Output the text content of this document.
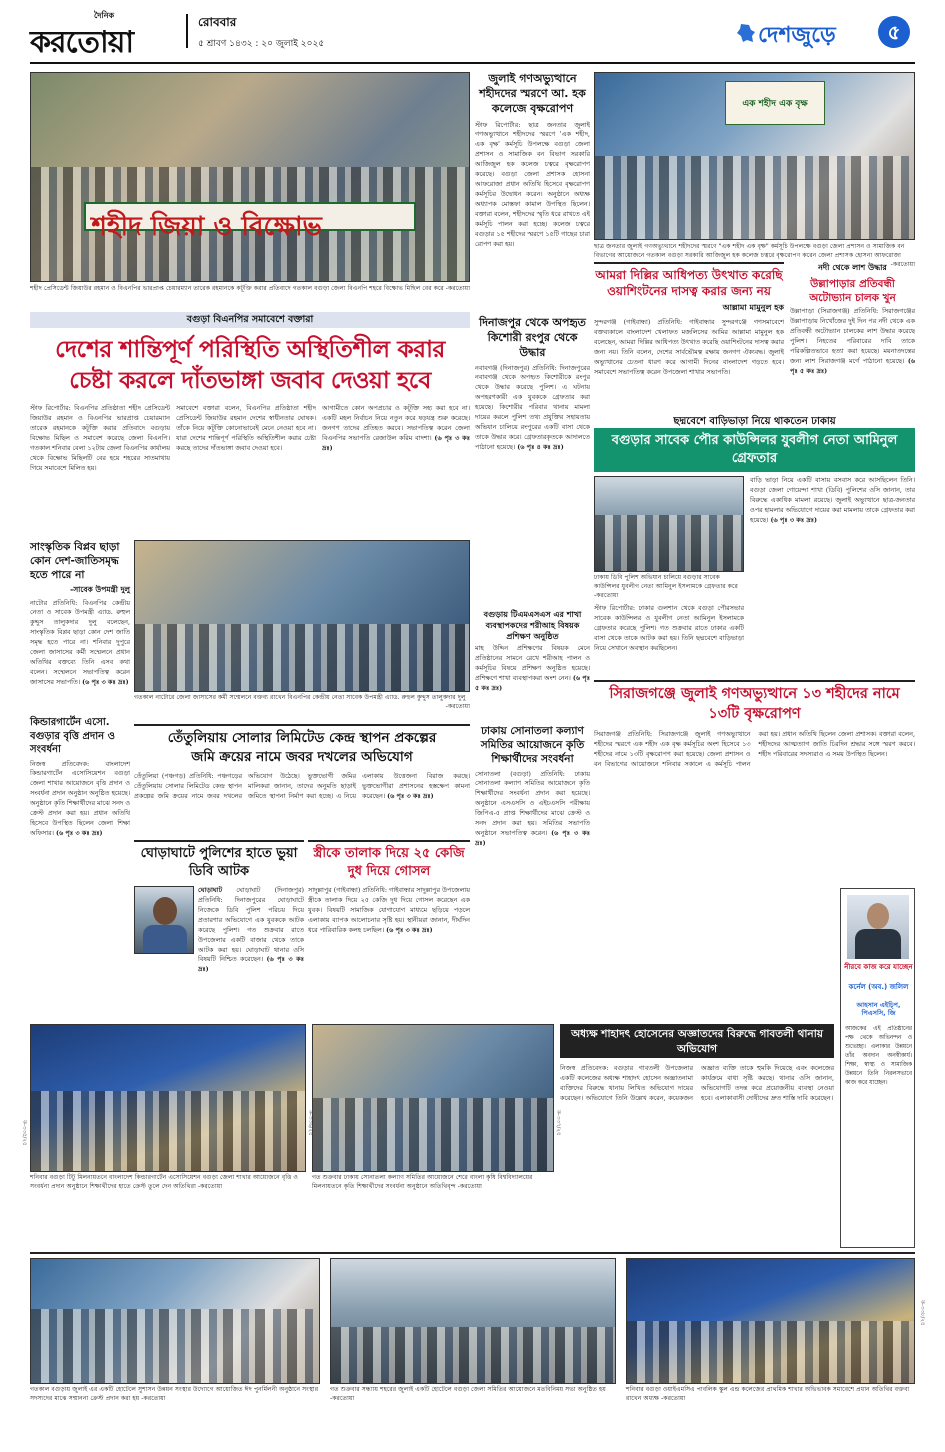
দৈনিক
করতোয়া
রোববার
৫ শ্রাবণ ১৪৩২ : ২০ জুলাই ২০২৫	দেশজুড়ে	৫
শহীদ জিয়া ও বিক্ষোভ
শহীদ প্রেসিডেন্ট জিয়াউর রহমান ও বিএনপির ভারপ্রাপ্ত চেয়ারম্যান তারেক রহমানকে কটূক্তি করার প্রতিবাদে গতকাল বগুড়া জেলা বিএনপি শহরে বিক্ষোভ মিছিল বের করে -করতোয়া
জুলাই গণঅভ্যুত্থানে শহীদদের স্মরণে আ. হক কলেজে বৃক্ষরোপণ
স্টাফ রিপোর্টার: ছাত্র জনতার জুলাই গণঅভ্যুত্থানে শহীদদের স্মরণে 'এক শহীদ, এক বৃক্ষ' কর্মসূচি উপলক্ষে বগুড়া জেলা প্রশাসন ও সামাজিক বন বিভাগ সরকারি আজিজুল হক কলেজ চত্বরে বৃক্ষরোপণ করেছে। বগুড়া জেলা প্রশাসক হোসনা আফরোজা প্রধান অতিথি হিসেবে বৃক্ষরোপণ কর্মসূচির উদ্বোধন করেন। অনুষ্ঠানে অধ্যক্ষ অধ্যাপক মোস্তফা কামাল উপস্থিত ছিলেন। বক্তারা বলেন, শহীদদের স্মৃতি ধরে রাখতে এই কর্মসূচি পালন করা হচ্ছে। কলেজ চত্বরে বগুড়ার ১৫ শহীদের স্মরণে ১৫টি গাছের চারা রোপণ করা হয়।
এক শহীদ এক বৃক্ষ
ছাত্র জনতার জুলাই গণঅভ্যুত্থানে শহীদদের স্মরণে "এক শহীদ এক বৃক্ষ" কর্মসূচি উপলক্ষে বগুড়া জেলা প্রশাসন ও সামাজিক বন বিভাগের আয়োজনে গতকাল বগুড়া সরকারি আজিজুল হক কলেজ চত্বরে বৃক্ষরোপণ করেন জেলা প্রশাসক হোসনা আফরোজা
-করতোয়া
বগুড়া বিএনপির সমাবেশে বক্তারা
দেশের শান্তিপূর্ণ পরিস্থিতি অস্থিতিশীল করার
চেষ্টা করলে দাঁতভাঙ্গা জবাব দেওয়া হবে
স্টাফ রিপোর্টার: বিএনপির প্রতিষ্ঠাতা শহীদ প্রেসিডেন্ট জিয়াউর রহমান ও বিএনপির ভারপ্রাপ্ত চেয়ারম্যান তারেক রহমানকে কটূক্তি করার প্রতিবাদে বগুড়ায় বিক্ষোভ মিছিল ও সমাবেশ করেছে জেলা বিএনপি। গতকাল শনিবার বেলা ১২টায় জেলা বিএনপির কার্যালয় থেকে বিক্ষোভ মিছিলটি বের হয়ে শহরের সাতমাথায় গিয়ে সমাবেশে মিলিত হয়।
সমাবেশে বক্তারা বলেন, বিএনপির প্রতিষ্ঠাতা শহীদ প্রেসিডেন্ট জিয়াউর রহমান দেশের স্বাধীনতার ঘোষক। তাঁকে নিয়ে কটূক্তি কোনোভাবেই মেনে নেওয়া হবে না। যারা দেশের শান্তিপূর্ণ পরিস্থিতি অস্থিতিশীল করার চেষ্টা করছে তাদের দাঁতভাঙ্গা জবাব দেওয়া হবে।
আগামীতে কোন অপপ্রচার ও কটূক্তি সহ্য করা হবে না। একটি মহল নির্বাচন নিয়ে নতুন করে ষড়যন্ত্র শুরু করেছে। জনগণ তাদের প্রতিহত করবে। সভাপতিত্ব করেন জেলা বিএনপির সভাপতি রেজাউল করিম বাদশা। (৬ পৃঃ ৩ কঃ দ্রঃ)
দিনাজপুর থেকে অপহৃত কিশোরী রংপুর থেকে উদ্ধার
নবাবগঞ্জ (দিনাজপুর) প্রতিনিধি: দিনাজপুরের নবাবগঞ্জ থেকে অপহৃত কিশোরীকে রংপুর থেকে উদ্ধার করেছে পুলিশ। এ ঘটনায় অপহরণকারী এক যুবককে গ্রেফতার করা হয়েছে। কিশোরীর পরিবার থানায় মামলা দায়ের করলে পুলিশ তথ্য প্রযুক্তির সহায়তায় অভিযান চালিয়ে রংপুরের একটি বাসা থেকে তাকে উদ্ধার করে। গ্রেফতারকৃতকে আদালতে পাঠানো হয়েছে। (৬ পৃঃ ৪ কঃ দ্রঃ)
আমরা দিল্লির আধিপত্য উৎখাত করেছি
ওয়াশিংটনের দাসত্ব করার জন্য নয়
আল্লামা মামুনুল হক
সুন্দরগঞ্জ (গাইবান্ধা) প্রতিনিধি: গাইবান্ধার সুন্দরগঞ্জে গণসমাবেশে বক্তব্যকালে বাংলাদেশ খেলাফত মজলিসের আমির আল্লামা মামুনুল হক বলেছেন, আমরা দিল্লির আধিপত্য উৎখাত করেছি ওয়াশিংটনের দাসত্ব করার জন্য নয়। তিনি বলেন, দেশের সার্বভৌমত্ব রক্ষায় জনগণ ঐক্যবদ্ধ। জুলাই অভ্যুত্থানের চেতনা ধারণ করে আগামী দিনের বাংলাদেশ গড়তে হবে। সমাবেশে সভাপতিত্ব করেন উপজেলা শাখার সভাপতি।
নদী থেকে লাশ উদ্ধার
উল্লাপাড়ার প্রতিবন্ধী অটোভ্যান চালক খুন
উল্লাপাড়া (সিরাজগঞ্জ) প্রতিনিধি: সিরাজগঞ্জের উল্লাপাড়ায় নিখোঁজের দুই দিন পর নদী থেকে এক প্রতিবন্ধী অটোভ্যান চালকের লাশ উদ্ধার করেছে পুলিশ। নিহতের পরিবারের দাবি তাকে পরিকল্পিতভাবে হত্যা করা হয়েছে। ময়নাতদন্তের জন্য লাশ সিরাজগঞ্জ মর্গে পাঠানো হয়েছে। (৬ পৃঃ ৫ কঃ দ্রঃ)
ছদ্মবেশে বাড়িভাড়া নিয়ে থাকতেন ঢাকায়
বগুড়ার সাবেক পৌর কাউন্সিলর যুবলীগ নেতা আমিনুল গ্রেফতার
ঢাকায় ডিবি পুলিশ অভিযান চালিয়ে বগুড়ার সাবেক কাউন্সিলর যুবলীগ নেতা আমিনুল ইসলামকে গ্রেফতার করে -করতোয়া
স্টাফ রিপোর্টার: ঢাকার গুলশান থেকে বগুড়া পৌরসভার সাবেক কাউন্সিলর ও যুবলীগ নেতা আমিনুল ইসলামকে গ্রেফতার করেছে পুলিশ। গত শুক্রবার রাতে ঢাকার একটি বাসা থেকে তাকে আটক করা হয়। তিনি ছদ্মবেশে বাড়িভাড়া নিয়ে সেখানে অবস্থান করছিলেন।
বাড়ি ভাড়া নিয়ে একটি বাসায় বসবাস করে আসছিলেন তিনি। বগুড়া জেলা গোয়েন্দা শাখা (ডিবি) পুলিশের ওসি জানান, তার বিরুদ্ধে একাধিক মামলা রয়েছে। জুলাই অভ্যুত্থানে ছাত্র-জনতার ওপর হামলার অভিযোগে দায়ের করা মামলায় তাকে গ্রেফতার করা হয়েছে। (৬ পৃঃ ৩ কঃ দ্রঃ)
সাংস্কৃতিক বিপ্লব ছাড়া কোন দেশ-জাতিসমৃদ্ধ হতে পারে না
-সাবেক উপমন্ত্রী দুলু
নাটোর প্রতিনিধি: বিএনপির কেন্দ্রীয় নেতা ও সাবেক উপমন্ত্রী এ্যাড. রুহুল কুদ্দুস তালুকদার দুলু বলেছেন, সাংস্কৃতিক বিপ্লব ছাড়া কোন দেশ জাতি সমৃদ্ধ হতে পারে না। শনিবার দুপুরে জেলা জাসাসের কর্মী সম্মেলনে প্রধান অতিথির বক্তব্যে তিনি এসব কথা বলেন। সম্মেলনে সভাপতিত্ব করেন জাসাসের সভাপতি। (৬ পৃঃ ৩ কঃ দ্রঃ)
গতকাল নাটোরে জেলা জাসাসের কর্মী সম্মেলনে বক্তব্য রাখেন বিএনপির কেন্দ্রীয় নেতা সাবেক উপমন্ত্রী এ্যাড. রুহুল কুদ্দুস তালুকদার দুলু
-করতোয়া
বগুড়ায় টিএমএসএস এর শাখা ব্যবস্থাপকদের শরীআহ বিষয়ক প্রশিক্ষণ অনুষ্ঠিত
মাহ উদ্দিন প্রশিক্ষণের বিষয়ক মেনে প্রতিষ্ঠানের সামনে রেখে শরীআহ পালন ও কর্মসূচির বিষয়ে প্রশিক্ষণ অনুষ্ঠিত হয়েছে। প্রশিক্ষণে শাখা ব্যবস্থাপকরা অংশ নেন। (৬ পৃঃ ৫ কঃ দ্রঃ)
তেঁতুলিয়ায় সোলার লিমিটেড কেন্দ্র স্থাপন প্রকল্পের
জমি ক্রয়ের নামে জবর দখলের অভিযোগ
তেঁতুলিয়া (পঞ্চগড়) প্রতিনিধি: পঞ্চগড়ের তেঁতুলিয়ায় সোলার লিমিটেড কেন্দ্র স্থাপন প্রকল্পের জমি ক্রয়ের নামে জবর দখলের অভিযোগ উঠেছে। ভুক্তভোগী জমির মালিকরা জানান, তাদের অনুমতি ছাড়াই জমিতে স্থাপনা নির্মাণ করা হচ্ছে। এ নিয়ে এলাকায় উত্তেজনা বিরাজ করছে। ভুক্তভোগীরা প্রশাসনের হস্তক্ষেপ কামনা করেছেন। (৬ পৃঃ ৩ কঃ দ্রঃ)
ঢাকায় সোনাতলা কল্যাণ সমিতির আয়োজনে কৃতি শিক্ষার্থীদের সংবর্ধনা
সোনাতলা (বগুড়া) প্রতিনিধি: ঢাকায় সোনাতলা কল্যাণ সমিতির আয়োজনে কৃতি শিক্ষার্থীদের সংবর্ধনা প্রদান করা হয়েছে। অনুষ্ঠানে এসএসসি ও এইচএসসি পরীক্ষায় জিপিএ-৫ প্রাপ্ত শিক্ষার্থীদের মাঝে ক্রেস্ট ও সনদ প্রদান করা হয়। সমিতির সভাপতি অনুষ্ঠানে সভাপতিত্ব করেন। (৬ পৃঃ ৩ কঃ দ্রঃ)
কিন্ডারগার্টেন এসো. বগুড়ার বৃত্তি প্রদান ও সংবর্ধনা
নিজস্ব প্রতিবেদক: বাংলাদেশ কিন্ডারগার্টেন এসোসিয়েশন বগুড়া জেলা শাখার আয়োজনে বৃত্তি প্রদান ও সংবর্ধনা প্রদান অনুষ্ঠান অনুষ্ঠিত হয়েছে। অনুষ্ঠানে কৃতি শিক্ষার্থীদের মাঝে সনদ ও ক্রেস্ট প্রদান করা হয়। প্রধান অতিথি হিসেবে উপস্থিত ছিলেন জেলা শিক্ষা অফিসার। (৬ পৃঃ ৩ কঃ দ্রঃ)
ঘোড়াঘাটে পুলিশের হাতে ভুয়া ডিবি আটক
ঘোড়াঘাট ঘোড়াঘাট (দিনাজপুর) প্রতিনিধি: দিনাজপুরের ঘোড়াঘাটে নিজেকে ডিবি পুলিশ পরিচয় দিয়ে প্রতারণার অভিযোগে এক যুবককে আটক করেছে পুলিশ। গত শুক্রবার রাতে উপজেলার একটি বাজার থেকে তাকে আটক করা হয়। ঘোড়াঘাট থানার ওসি বিষয়টি নিশ্চিত করেছেন। (৬ পৃঃ ৩ কঃ দ্রঃ)
স্ত্রীকে তালাক দিয়ে ২৫ কেজি দুধ দিয়ে গোসল
সাদুল্লাপুর (গাইবান্ধা) প্রতিনিধি: গাইবান্ধার সাদুল্লাপুর উপজেলায় স্ত্রীকে তালাক দিয়ে ২৫ কেজি দুধ দিয়ে গোসল করেছেন এক যুবক। বিষয়টি সামাজিক যোগাযোগ মাধ্যমে ছড়িয়ে পড়লে এলাকায় ব্যাপক আলোচনার সৃষ্টি হয়। স্থানীয়রা জানান, দীর্ঘদিন ধরে পারিবারিক কলহ চলছিল। (৬ পৃঃ ৩ কঃ দ্রঃ)
সিরাজগঞ্জে জুলাই গণঅভ্যুত্থানে ১৩ শহীদের নামে ১৩টি বৃক্ষরোপণ
সিরাজগঞ্জ প্রতিনিধি: সিরাজগঞ্জে জুলাই গণঅভ্যুত্থানে শহীদের স্মরণে এক শহীদ এক বৃক্ষ কর্মসূচির অংশ হিসেবে ১৩ শহীদের নামে ১৩টি বৃক্ষরোপণ করা হয়েছে। জেলা প্রশাসন ও বন বিভাগের আয়োজনে শনিবার সকালে এ কর্মসূচি পালন করা হয়। প্রধান অতিথি ছিলেন জেলা প্রশাসক। বক্তারা বলেন, শহীদদের আত্মত্যাগ জাতি চিরদিন শ্রদ্ধার সঙ্গে স্মরণ করবে। শহীদ পরিবারের সদস্যরাও এ সময় উপস্থিত ছিলেন।
নীরবে কাজ করে যাচ্ছেন
কর্নেল (অব.) জলিল
আহসান এইচ্পি, পিএসসি, জি
আজকের এই প্রতিষ্ঠানের পক্ষ থেকে অভিনন্দন ও শুভেচ্ছা। এলাকার উন্নয়নে তাঁর অবদান অনস্বীকার্য। শিক্ষা, স্বাস্থ্য ও সামাজিক উন্নয়নে তিনি নিরলসভাবে কাজ করে যাচ্ছেন।
অধ্যক্ষ শাহাদৎ হোসেনের অজ্ঞাতদের বিরুদ্ধে গাবতলী থানায় অভিযোগ
নিজস্ব প্রতিবেদক: বগুড়ার গাবতলী উপজেলার একটি কলেজের অধ্যক্ষ শাহাদৎ হোসেন অজ্ঞাতনামা ব্যক্তিদের বিরুদ্ধে থানায় লিখিত অভিযোগ দায়ের করেছেন। অভিযোগে তিনি উল্লেখ করেন, কয়েকজন অজ্ঞাত ব্যক্তি তাকে হুমকি দিয়েছে এবং কলেজের কার্যক্রমে বাধা সৃষ্টি করছে। থানার ওসি জানান, অভিযোগটি তদন্ত করে প্রয়োজনীয় ব্যবস্থা নেওয়া হবে। এলাকাবাসী দোষীদের দ্রুত শাস্তি দাবি করেছেন।
শনিবার বগুড়া টিটু মিলনায়তনে বাংলাদেশ কিন্ডারগার্টেন এসোসিয়েশন বগুড়া জেলা শাখার আয়োজনে বৃত্তি ও সংবর্ধনা প্রদান অনুষ্ঠানে শিক্ষার্থীদের হাতে ক্রেস্ট তুলে দেন অতিথিরা -করতোয়া
গত শুক্রবার ঢাকায় সোনাতলা কল্যাণ সমিতির আয়োজনে শেরে বাংলা কৃষি বিশ্ববিদ্যালয়ের মিলনায়তনে কৃতি শিক্ষার্থীদের সংবর্ধনা অনুষ্ঠানে অতিথিবৃন্দ -করতোয়া
গতকাল বগুড়ায় জুলাই এর একটি হোটেলে সুশাসন উন্নয়ন সংস্থার উদ্যোগে আয়োজিত ঈদ পুনর্মিলনী অনুষ্ঠানে সংস্থার সদস্যদের মাঝে সম্মাননা ক্রেস্ট প্রদান করা হয় -করতোয়া
গত শুক্রবার সন্ধ্যায় শহরের জুলাই একটি হোটেলে বগুড়া জেলা সমিতির আয়োজনে মতবিনিময় সভা অনুষ্ঠিত হয় -করতোয়া
শনিবার বগুড়া ওয়াইএমসিএ পাবলিক স্কুল এন্ড কলেজের প্রাথমিক শাখার অভিভাবক সমাবেশে প্রধান অতিথির বক্তব্য রাখেন অধ্যক্ষ -করতোয়া
ক-৩৩৫/২৫	ক-৩৩৬/২৫	ক-৩৩৭/২৫
ক-৩৩৮/২৫
